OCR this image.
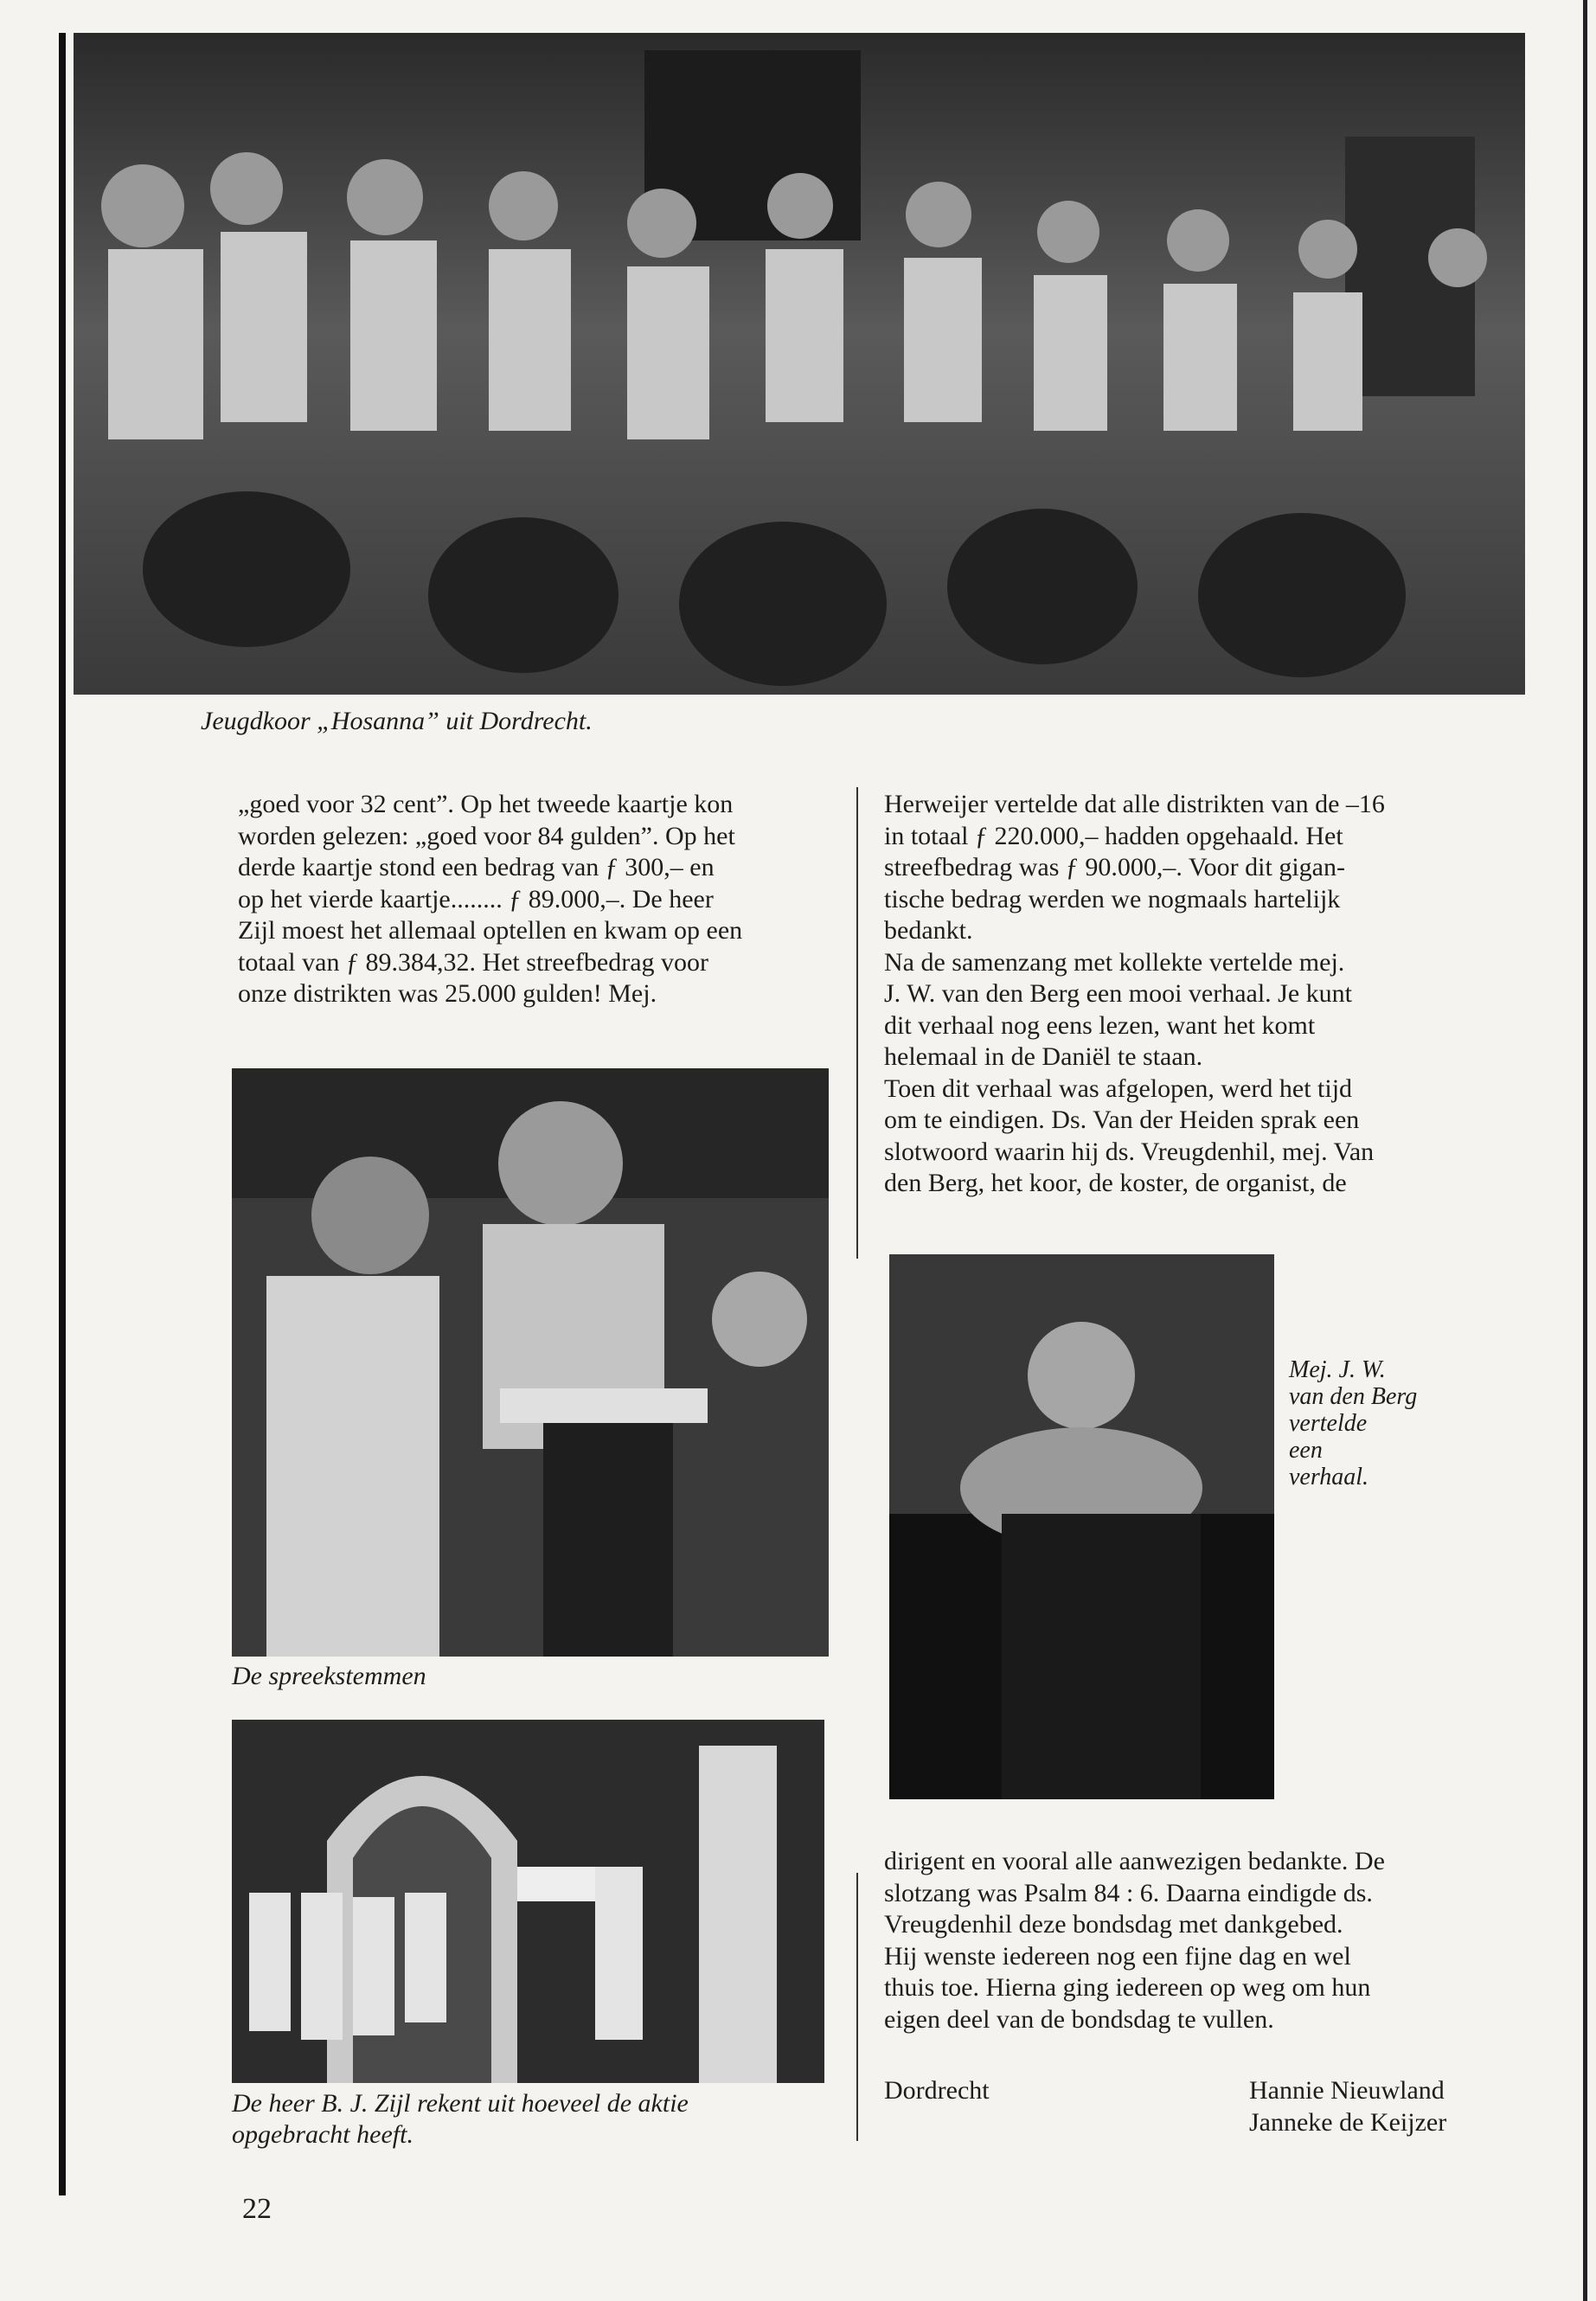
Jeugdkoor „Hosanna” uit Dordrecht.

„goed voor 32 cent”. Op het tweede kaartje kon

worden gelezen: „goed voor 84 gulden”. Op het

derde kaartje stond een bedrag van ƒ 300,– en

op het vierde kaartje........ ƒ 89.000,–. De heer

Zijl moest het allemaal optellen en kwam op een

totaal van ƒ 89.384,32. Het streefbedrag voor

onze distrikten was 25.000 gulden! Mej.

Herweijer vertelde dat alle distrikten van de –16

in totaal ƒ 220.000,– hadden opgehaald. Het

streefbedrag was ƒ 90.000,–. Voor dit gigan-

tische bedrag werden we nogmaals hartelijk

bedankt.

Na de samenzang met kollekte vertelde mej.

J. W. van den Berg een mooi verhaal. Je kunt

dit verhaal nog eens lezen, want het komt

helemaal in de Daniël te staan.

Toen dit verhaal was afgelopen, werd het tijd

om te eindigen. Ds. Van der Heiden sprak een

slotwoord waarin hij ds. Vreugdenhil, mej. Van

den Berg, het koor, de koster, de organist, de

Mej. J. W.
van den Berg
vertelde
een
verhaal.
De spreekstemmen
De heer B. J. Zijl rekent uit hoeveel de aktie
opgebracht heeft.

dirigent en vooral alle aanwezigen bedankte. De

slotzang was Psalm 84 : 6. Daarna eindigde ds.

Vreugdenhil deze bondsdag met dankgebed.

Hij wenste iedereen nog een fijne dag en wel

thuis toe. Hierna ging iedereen op weg om hun

eigen deel van de bondsdag te vullen.

Dordrecht	Hannie Nieuwland
Janneke de Keijzer
22
